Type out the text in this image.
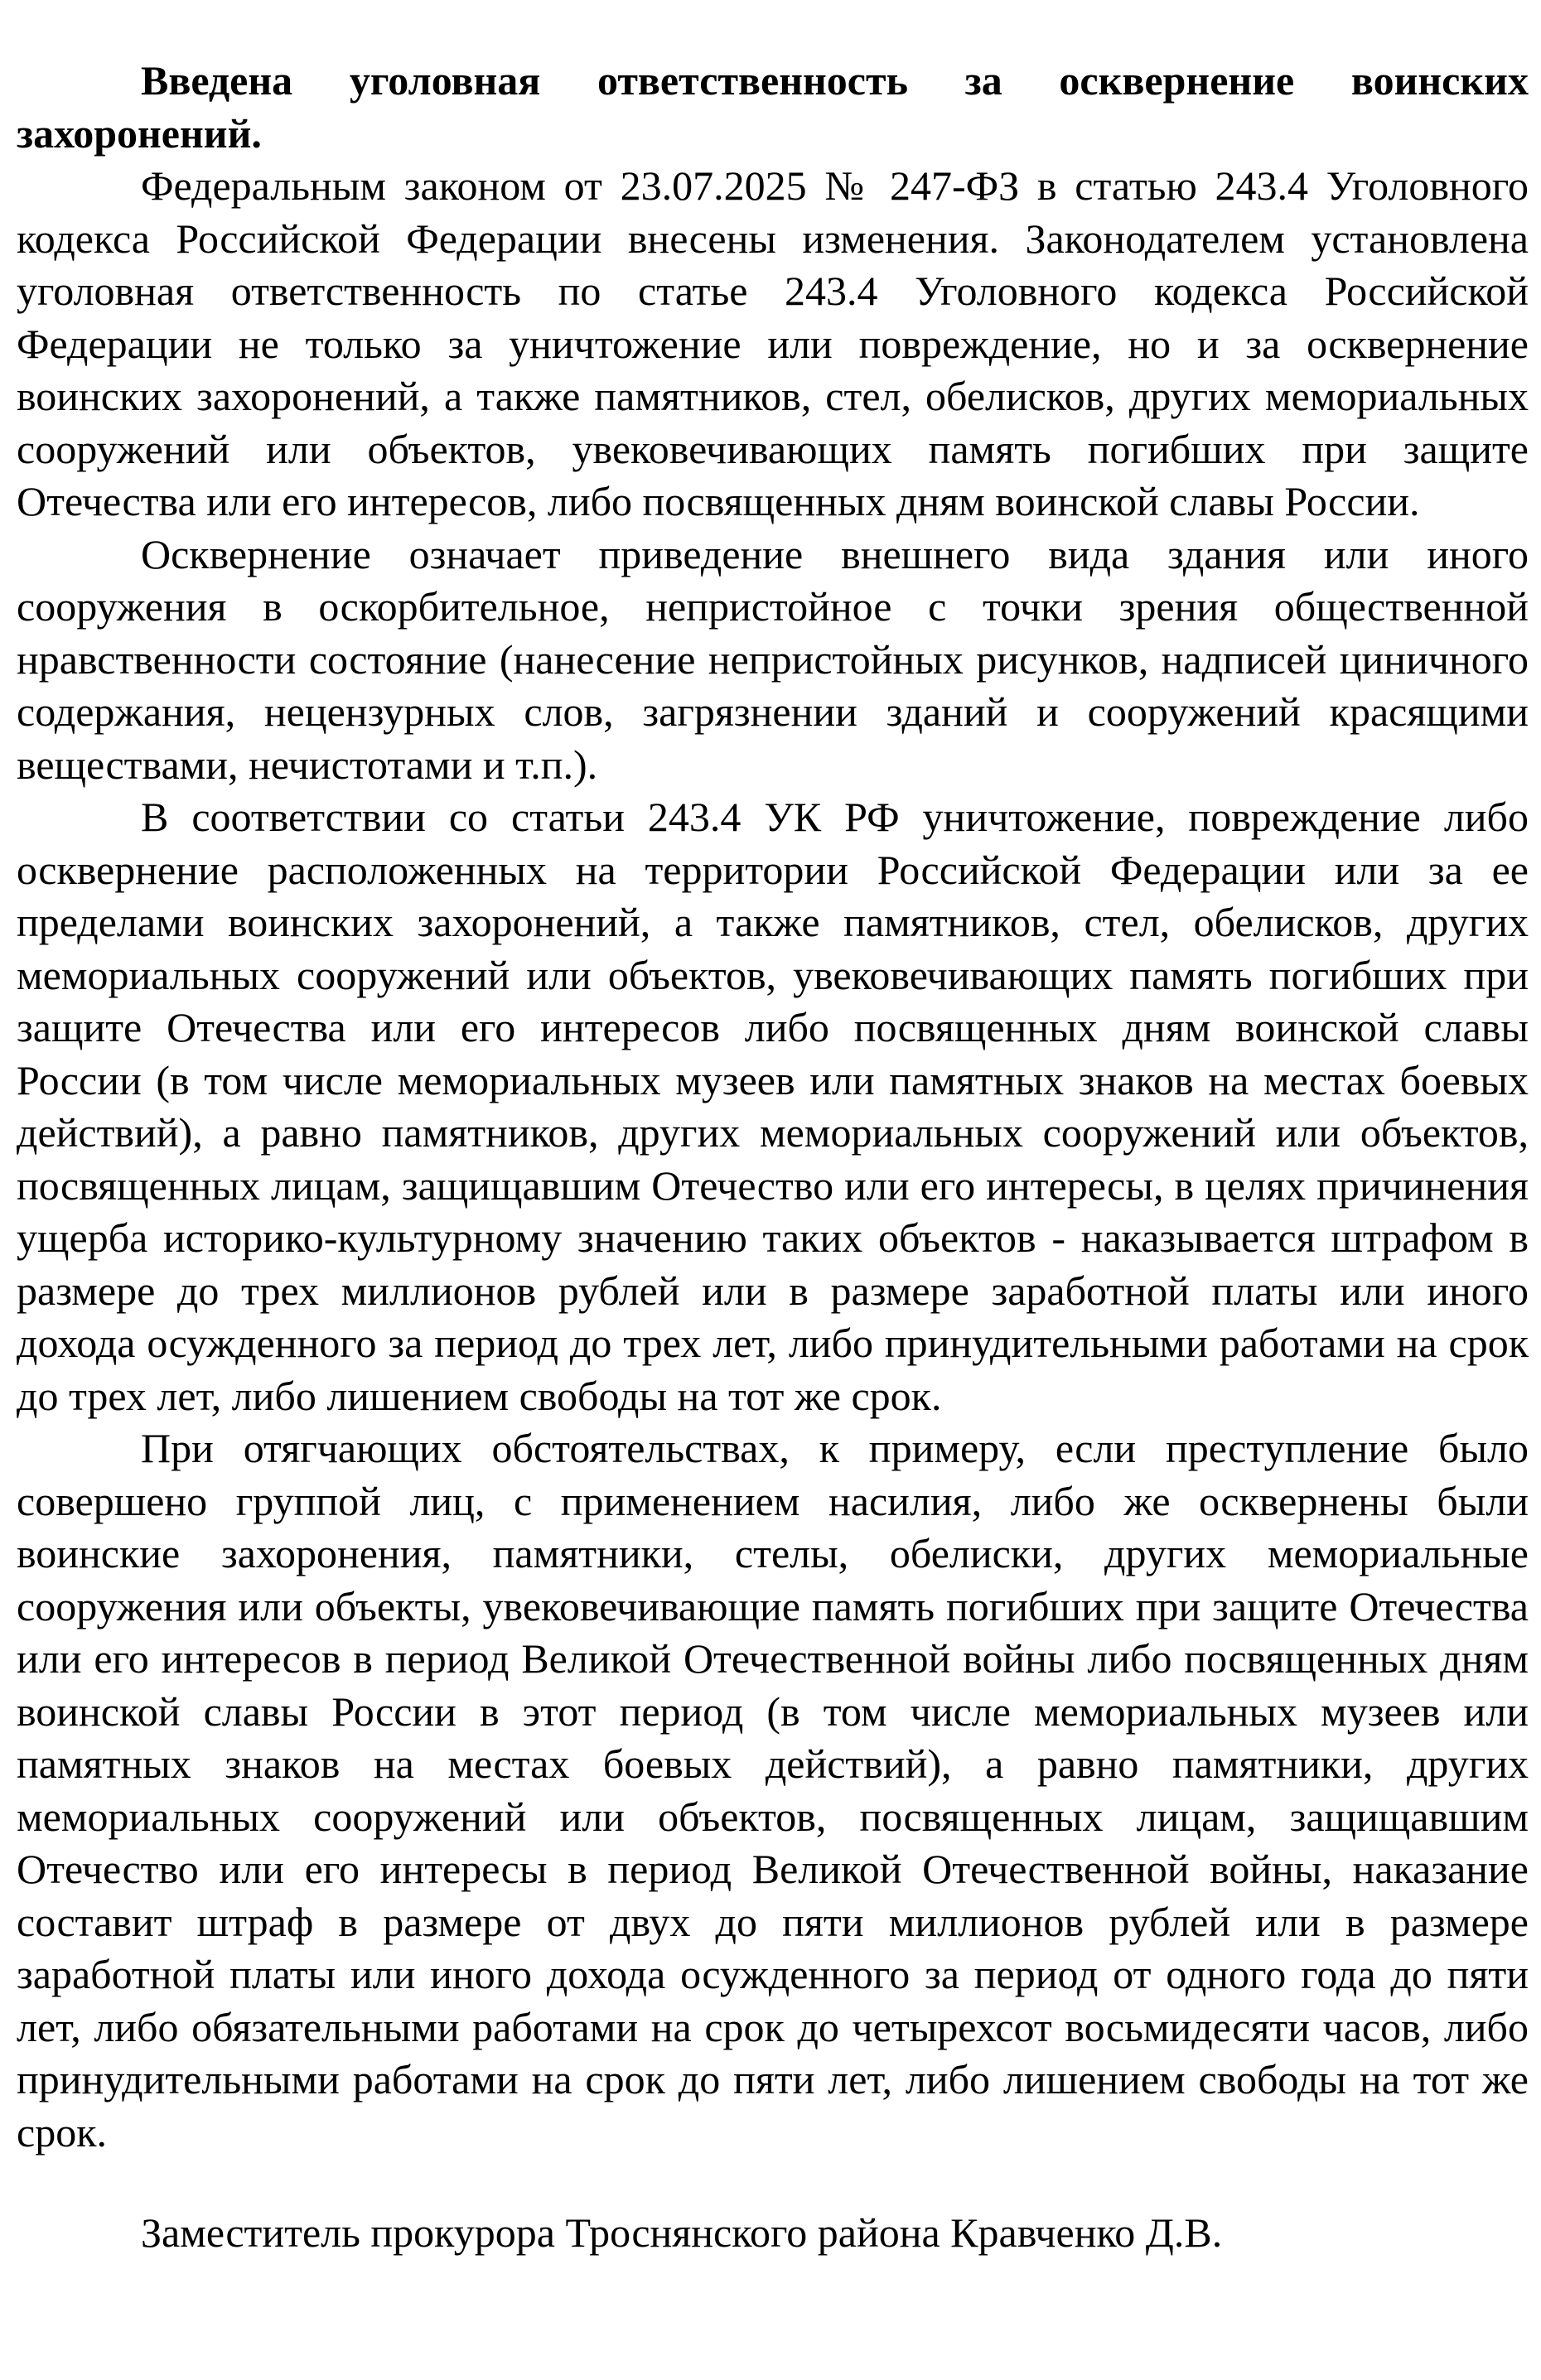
Введена уголовная ответственность за осквернение воинских захоронений.

Федеральным законом от 23.07.2025 № 247-ФЗ в статью 243.4 Уголовного кодекса Российской Федерации внесены изменения. Законодателем установлена уголовная ответственность по статье 243.4 Уголовного кодекса Российской Федерации не только за уничтожение или повреждение, но и за осквернение воинских захоронений, а также памятников, стел, обелисков, других мемориальных сооружений или объектов, увековечивающих память погибших при защите Отечества или его интересов, либо посвященных дням воинской славы России.

Осквернение означает приведение внешнего вида здания или иного сооружения в оскорбительное, непристойное с точки зрения общественной нравственности состояние (нанесение непристойных рисунков, надписей циничного содержания, нецензурных слов, загрязнении зданий и сооружений красящими веществами, нечистотами и т.п.).

В соответствии со статьи 243.4 УК РФ уничтожение, повреждение либо осквернение расположенных на территории Российской Федерации или за ее пределами воинских захоронений, а также памятников, стел, обелисков, других мемориальных сооружений или объектов, увековечивающих память погибших при защите Отечества или его интересов либо посвященных дням воинской славы России (в том числе мемориальных музеев или памятных знаков на местах боевых действий), а равно памятников, других мемориальных сооружений или объектов, посвященных лицам, защищавшим Отечество или его интересы, в целях причинения ущерба историко-культурному значению таких объектов - наказывается штрафом в размере до трех миллионов рублей или в размере заработной платы или иного дохода осужденного за период до трех лет, либо принудительными работами на срок до трех лет, либо лишением свободы на тот же срок.

При отягчающих обстоятельствах, к примеру, если преступление было совершено группой лиц, с применением насилия, либо же осквернены были воинские захоронения, памятники, стелы, обелиски, других мемориальные сооружения или объекты, увековечивающие память погибших при защите Отечества или его интересов в период Великой Отечественной войны либо посвященных дням воинской славы России в этот период (в том числе мемориальных музеев или памятных знаков на местах боевых действий), а равно памятники, других мемориальных сооружений или объектов, посвященных лицам, защищавшим Отечество или его интересы в период Великой Отечественной войны, наказание составит штраф в размере от двух до пяти миллионов рублей или в размере заработной платы или иного дохода осужденного за период от одного года до пяти лет, либо обязательными работами на срок до четырехсот восьмидесяти часов, либо принудительными работами на срок до пяти лет, либо лишением свободы на тот же срок.

Заместитель прокурора Троснянского района Кравченко Д.В.
